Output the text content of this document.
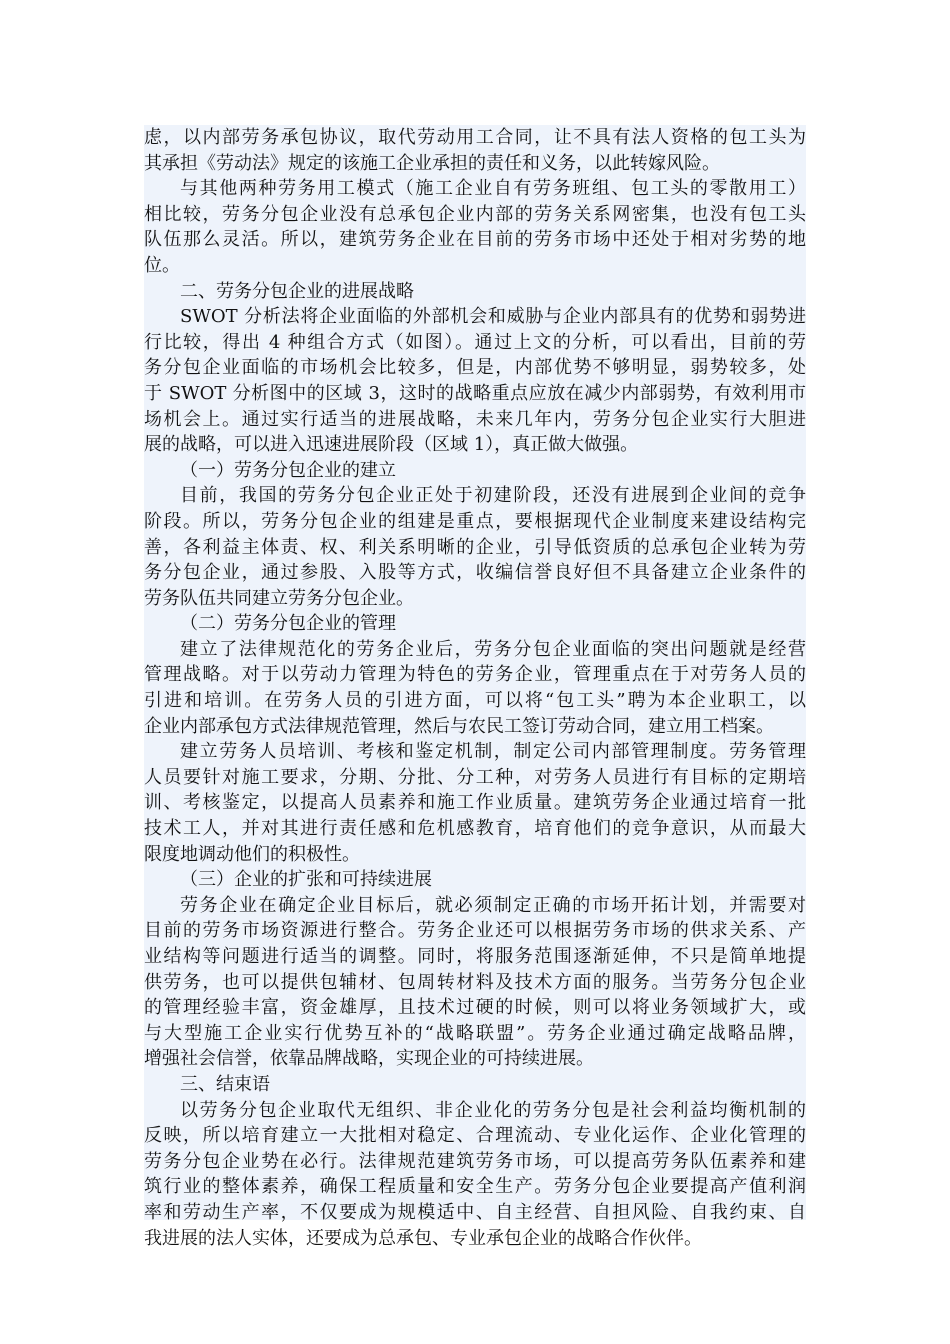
虑，以内部劳务承包协议，取代劳动用工合同，让不具有法人资格的包工头为
其承担《劳动法》规定的该施工企业承担的责任和义务，以此转嫁风险。
与其他两种劳务用工模式（施工企业自有劳务班组、包工头的零散用工）
相比较，劳务分包企业没有总承包企业内部的劳务关系网密集，也没有包工头
队伍那么灵活。所以，建筑劳务企业在目前的劳务市场中还处于相对劣势的地
位。
二、劳务分包企业的进展战略
SWOT 分析法将企业面临的外部机会和威胁与企业内部具有的优势和弱势进
行比较，得出 4 种组合方式（如图）。通过上文的分析，可以看出，目前的劳
务分包企业面临的市场机会比较多，但是，内部优势不够明显，弱势较多，处
于 SWOT 分析图中的区域 3，这时的战略重点应放在减少内部弱势，有效利用市
场机会上。通过实行适当的进展战略，未来几年内，劳务分包企业实行大胆进
展的战略，可以进入迅速进展阶段（区域 1），真正做大做强。
（一）劳务分包企业的建立
目前，我国的劳务分包企业正处于初建阶段，还没有进展到企业间的竞争
阶段。所以，劳务分包企业的组建是重点，要根据现代企业制度来建设结构完
善，各利益主体责、权、利关系明晰的企业，引导低资质的总承包企业转为劳
务分包企业，通过参股、入股等方式，收编信誉良好但不具备建立企业条件的
劳务队伍共同建立劳务分包企业。
（二）劳务分包企业的管理
建立了法律规范化的劳务企业后，劳务分包企业面临的突出问题就是经营
管理战略。对于以劳动力管理为特色的劳务企业，管理重点在于对劳务人员的
引进和培训。在劳务人员的引进方面，可以将“包工头”聘为本企业职工，以
企业内部承包方式法律规范管理，然后与农民工签订劳动合同，建立用工档案。
建立劳务人员培训、考核和鉴定机制，制定公司内部管理制度。劳务管理
人员要针对施工要求，分期、分批、分工种，对劳务人员进行有目标的定期培
训、考核鉴定，以提高人员素养和施工作业质量。建筑劳务企业通过培育一批
技术工人，并对其进行责任感和危机感教育，培育他们的竞争意识，从而最大
限度地调动他们的积极性。
（三）企业的扩张和可持续进展
劳务企业在确定企业目标后，就必须制定正确的市场开拓计划，并需要对
目前的劳务市场资源进行整合。劳务企业还可以根据劳务市场的供求关系、产
业结构等问题进行适当的调整。同时，将服务范围逐渐延伸，不只是简单地提
供劳务，也可以提供包辅材、包周转材料及技术方面的服务。当劳务分包企业
的管理经验丰富，资金雄厚，且技术过硬的时候，则可以将业务领域扩大，或
与大型施工企业实行优势互补的“战略联盟”。劳务企业通过确定战略品牌，
增强社会信誉，依靠品牌战略，实现企业的可持续进展。
三、结束语
以劳务分包企业取代无组织、非企业化的劳务分包是社会利益均衡机制的
反映，所以培育建立一大批相对稳定、合理流动、专业化运作、企业化管理的
劳务分包企业势在必行。法律规范建筑劳务市场，可以提高劳务队伍素养和建
筑行业的整体素养，确保工程质量和安全生产。劳务分包企业要提高产值利润
率和劳动生产率，不仅要成为规模适中、自主经营、自担风险、自我约束、自
我进展的法人实体，还要成为总承包、专业承包企业的战略合作伙伴。
